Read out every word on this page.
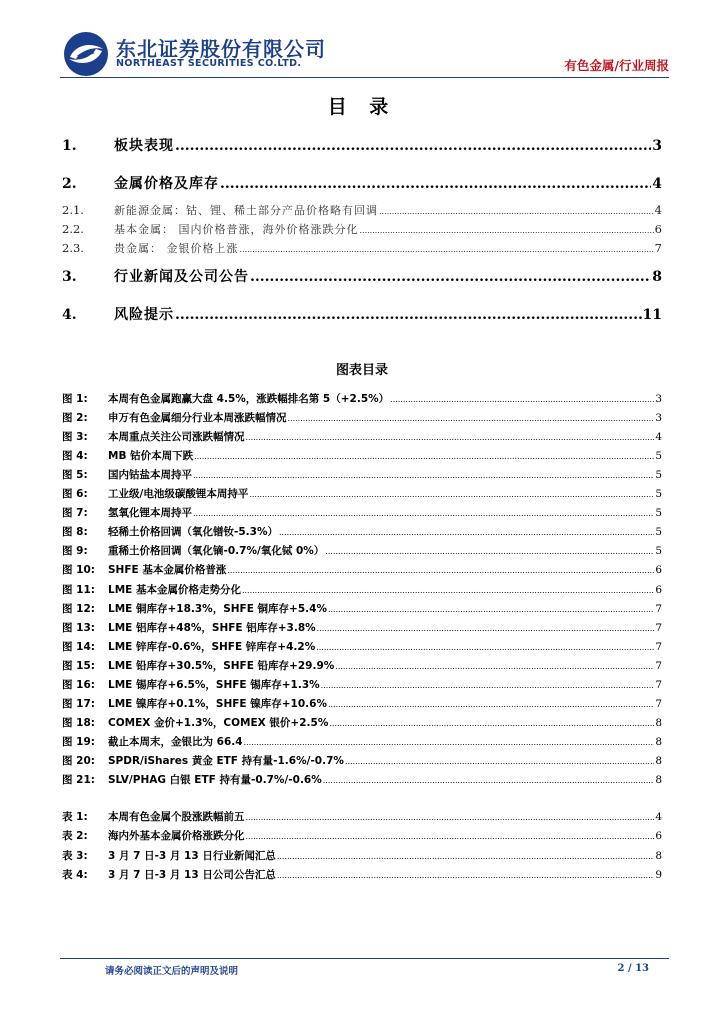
东北证券股份有限公司
NORTHEAST SECURITIES CO.LTD.	有色金属/行业周报
目 录
1.	板块表现 .....	3
2.	金属价格及库存 .....	4
2.1.	新能源金属：钴、锂、稀土部分产品价格略有回调 .....	4
2.2.	基本金属： 国内价格普涨，海外价格涨跌分化 .....	6
2.3.	贵金属： 金银价格上涨 .....	7
3.	行业新闻及公司公告 .....	8
4.	风险提示 .....	11
图表目录
图 1:	本周有色金属跑赢大盘 4.5%，涨跌幅排名第 5（+2.5%） .....	3
图 2:	申万有色金属细分行业本周涨跌幅情况 .....	3
图 3:	本周重点关注公司涨跌幅情况 .....	4
图 4:	MB 钴价本周下跌 .....	5
图 5:	国内钴盐本周持平 .....	5
图 6:	工业级/电池级碳酸锂本周持平 .....	5
图 7:	氢氧化锂本周持平 .....	5
图 8:	轻稀土价格回调（氧化镨钕-5.3%） .....	5
图 9:	重稀土价格回调（氧化镝-0.7%/氧化铽 0%） .....	5
图 10:	SHFE 基本金属价格普涨 .....	6
图 11:	LME 基本金属价格走势分化 .....	6
图 12:	LME 铜库存+18.3%，SHFE 铜库存+5.4% .....	7
图 13:	LME 铝库存+48%，SHFE 铝库存+3.8% .....	7
图 14:	LME 锌库存-0.6%，SHFE 锌库存+4.2% .....	7
图 15:	LME 铅库存+30.5%，SHFE 铅库存+29.9% .....	7
图 16:	LME 锡库存+6.5%，SHFE 锡库存+1.3% .....	7
图 17:	LME 镍库存+0.1%，SHFE 镍库存+10.6% .....	7
图 18:	COMEX 金价+1.3%，COMEX 银价+2.5% .....	8
图 19:	截止本周末，金银比为 66.4 .....	8
图 20:	SPDR/iShares 黄金 ETF 持有量-1.6%/-0.7% .....	8
图 21:	SLV/PHAG 白银 ETF 持有量-0.7%/-0.6% .....	8
表 1:	本周有色金属个股涨跌幅前五 .....	4
表 2:	海内外基本金属价格涨跌分化 .....	6
表 3:	3 月 7 日-3 月 13 日行业新闻汇总 .....	8
表 4:	3 月 7 日-3 月 13 日公司公告汇总 .....	9
请务必阅读正文后的声明及说明	2 / 13
